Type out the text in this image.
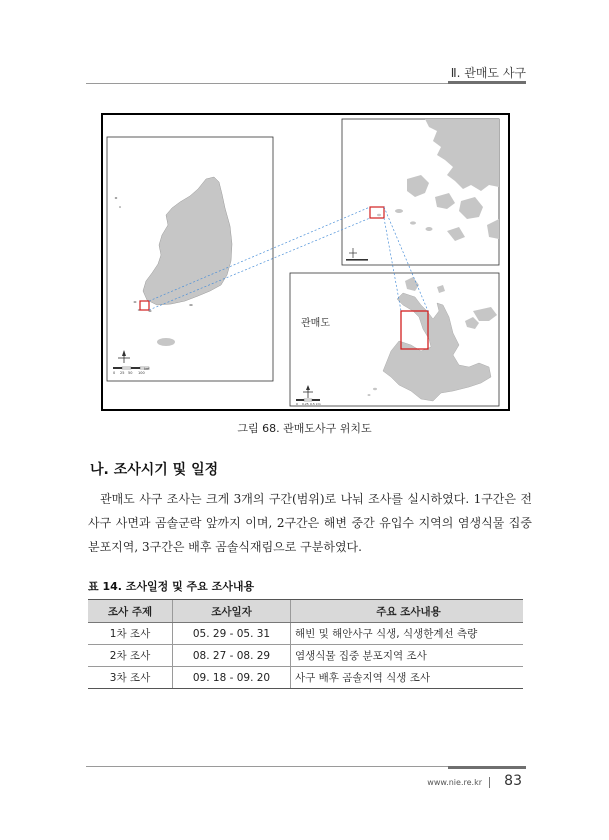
Ⅱ. 관매도 사구
0 25 50 100
km
관매도
0 0.25 0.5 km
그림 68. 관매도사구 위치도
나. 조사시기 및 일정
관매도 사구 조사는 크게 3개의 구간(범위)로 나눠 조사를 실시하였다. 1구간은 전사구 사면과 곰솔군락 앞까지 이며, 2구간은 해변 중간 유입수 지역의 염생식물 집중 분포지역, 3구간은 배후 곰솔식재림으로 구분하였다.
표 14. 조사일정 및 주요 조사내용
조사 주제	조사일자	주요 조사내용
1차 조사	05. 29 - 05. 31	해빈 및 해안사구 식생, 식생한계선 측량
2차 조사	08. 27 - 08. 29	염생식물 집중 분포지역 조사
3차 조사	09. 18 - 09. 20	사구 배후 곰솔지역 식생 조사
www.nie.re.kr 83
